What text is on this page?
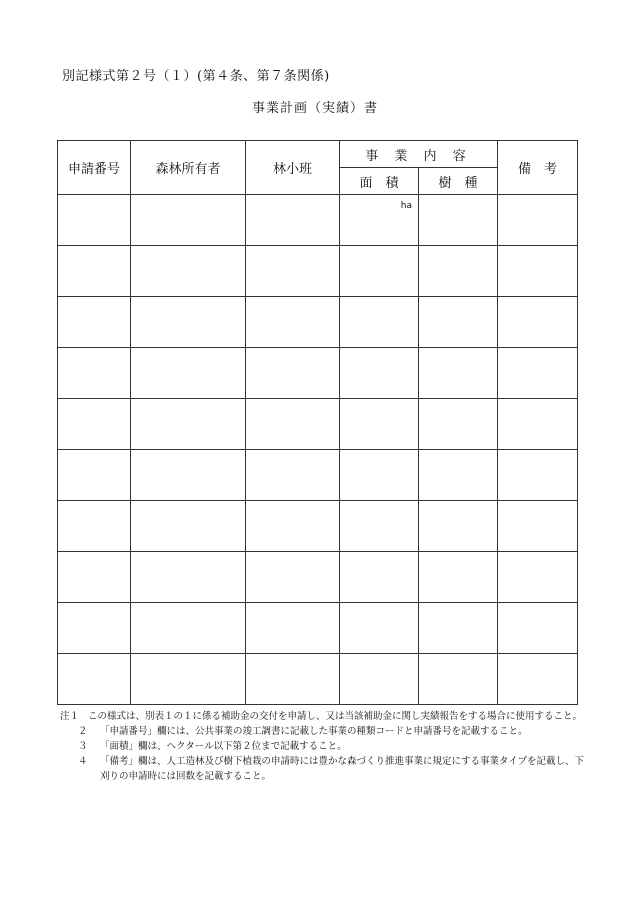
別記様式第２号（１）(第４条、第７条関係)
事業計画（実績）書
申請番号	森林所有者	林小班	事 業 内 容		備　考
			面　積	樹　種	

			ha		

注１ この様式は、別表１の１に係る補助金の交付を申請し、又は当該補助金に関し実績報告をする場合に使用すること。

２	「申請番号」欄には、公共事業の竣工調書に記載した事業の種類コードと申請番号を記載すること。

３	「面積」欄は、ヘクタール以下第２位まで記載すること。

４	「備考」欄は、人工造林及び樹下植栽の申請時には豊かな森づくり推進事業に規定にする事業タイプを記載し、下刈りの申請時には回数を記載すること。
